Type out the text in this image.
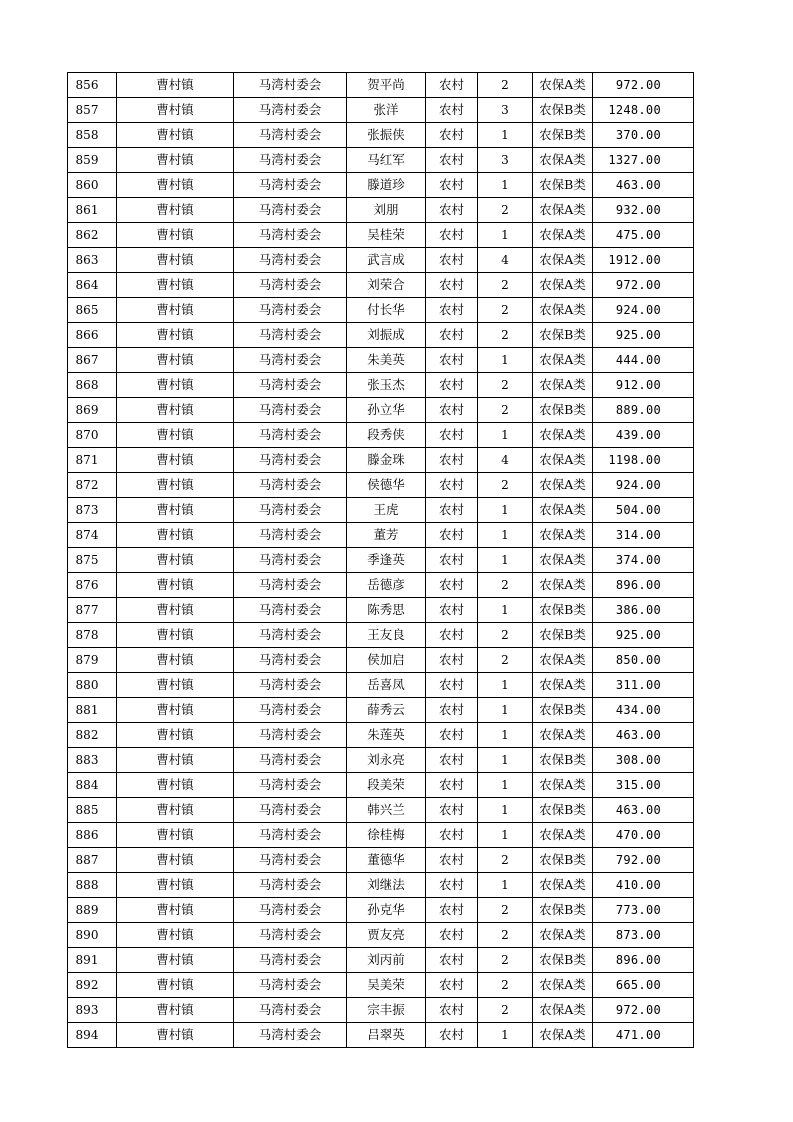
856	曹村镇	马湾村委会	贺平尚	农村	2	农保A类	972.00
857	曹村镇	马湾村委会	张洋	农村	3	农保B类	1248.00
858	曹村镇	马湾村委会	张振侠	农村	1	农保B类	370.00
859	曹村镇	马湾村委会	马红军	农村	3	农保A类	1327.00
860	曹村镇	马湾村委会	滕道珍	农村	1	农保B类	463.00
861	曹村镇	马湾村委会	刘朋	农村	2	农保A类	932.00
862	曹村镇	马湾村委会	吴桂荣	农村	1	农保A类	475.00
863	曹村镇	马湾村委会	武言成	农村	4	农保A类	1912.00
864	曹村镇	马湾村委会	刘荣合	农村	2	农保A类	972.00
865	曹村镇	马湾村委会	付长华	农村	2	农保A类	924.00
866	曹村镇	马湾村委会	刘振成	农村	2	农保B类	925.00
867	曹村镇	马湾村委会	朱美英	农村	1	农保A类	444.00
868	曹村镇	马湾村委会	张玉杰	农村	2	农保A类	912.00
869	曹村镇	马湾村委会	孙立华	农村	2	农保B类	889.00
870	曹村镇	马湾村委会	段秀侠	农村	1	农保A类	439.00
871	曹村镇	马湾村委会	滕金珠	农村	4	农保A类	1198.00
872	曹村镇	马湾村委会	侯德华	农村	2	农保A类	924.00
873	曹村镇	马湾村委会	王虎	农村	1	农保A类	504.00
874	曹村镇	马湾村委会	董芳	农村	1	农保A类	314.00
875	曹村镇	马湾村委会	季逢英	农村	1	农保A类	374.00
876	曹村镇	马湾村委会	岳德彦	农村	2	农保A类	896.00
877	曹村镇	马湾村委会	陈秀思	农村	1	农保B类	386.00
878	曹村镇	马湾村委会	王友良	农村	2	农保B类	925.00
879	曹村镇	马湾村委会	侯加启	农村	2	农保A类	850.00
880	曹村镇	马湾村委会	岳喜凤	农村	1	农保A类	311.00
881	曹村镇	马湾村委会	薛秀云	农村	1	农保B类	434.00
882	曹村镇	马湾村委会	朱莲英	农村	1	农保A类	463.00
883	曹村镇	马湾村委会	刘永亮	农村	1	农保B类	308.00
884	曹村镇	马湾村委会	段美荣	农村	1	农保A类	315.00
885	曹村镇	马湾村委会	韩兴兰	农村	1	农保B类	463.00
886	曹村镇	马湾村委会	徐桂梅	农村	1	农保A类	470.00
887	曹村镇	马湾村委会	董德华	农村	2	农保B类	792.00
888	曹村镇	马湾村委会	刘继法	农村	1	农保A类	410.00
889	曹村镇	马湾村委会	孙克华	农村	2	农保B类	773.00
890	曹村镇	马湾村委会	贾友亮	农村	2	农保A类	873.00
891	曹村镇	马湾村委会	刘丙前	农村	2	农保B类	896.00
892	曹村镇	马湾村委会	吴美荣	农村	2	农保A类	665.00
893	曹村镇	马湾村委会	宗丰振	农村	2	农保A类	972.00
894	曹村镇	马湾村委会	吕翠英	农村	1	农保A类	471.00
